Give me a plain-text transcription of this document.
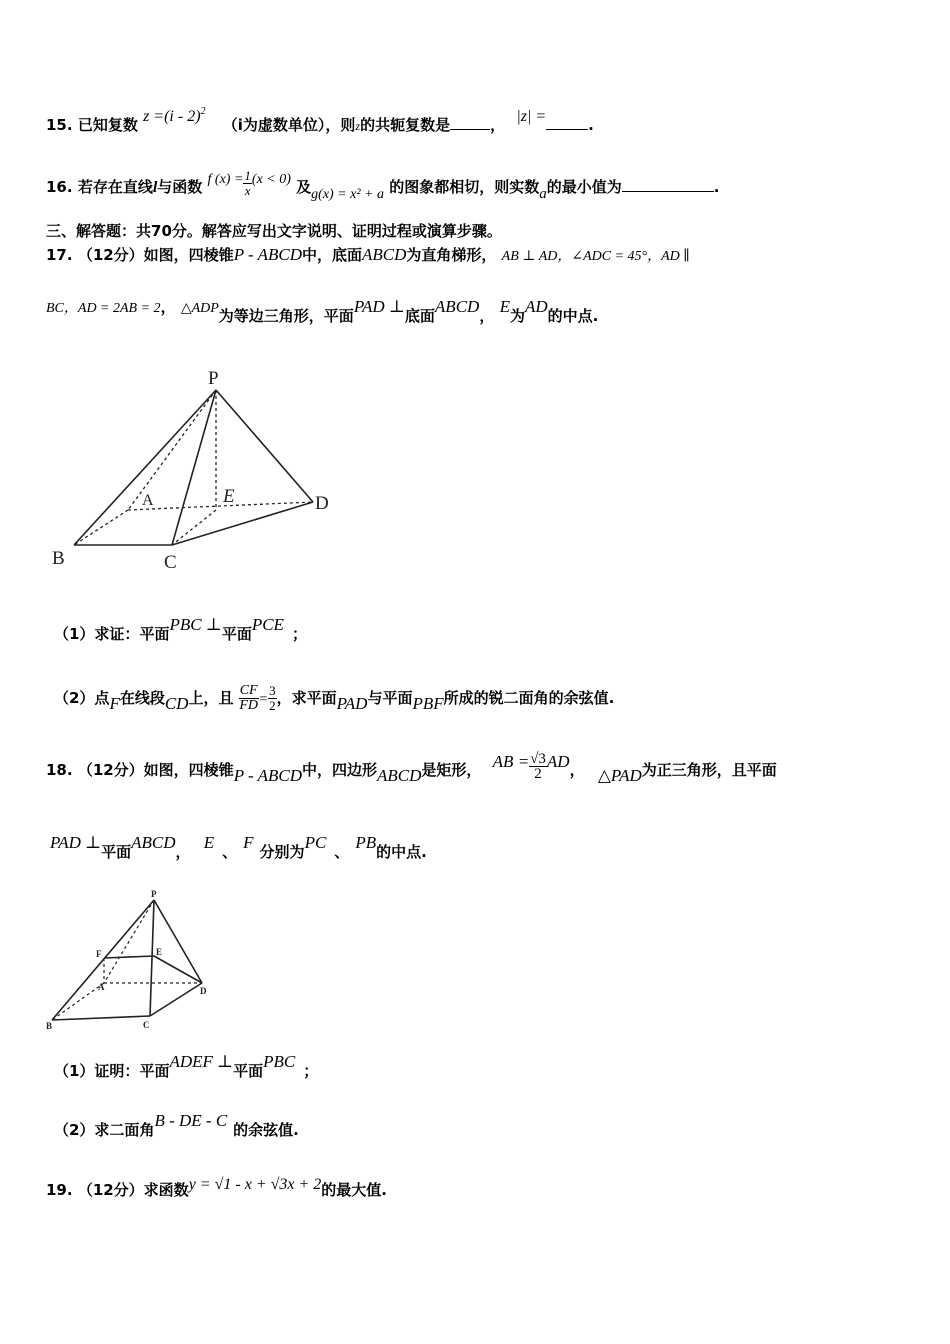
15. 已知复数 z =(i - 2)2 （i为虚数单位），则z的共轭复数是	， |z| =	.
16. 若存在直线l与函数 f $(x) = \frac{1}{x} (x < 0)$ 及g(x) = x² + a 的图象都相切，则实数a的最小值为	.
三、解答题：共70分。解答应写出文字说明、证明过程或演算步骤。
17. （12分）如图，四棱锥P - ABCD中，底面ABCD为直角梯形， AB ⊥ AD，∠ADC = 45°，AD ∥
BC，AD = 2AB = 2， △ADP为等边三角形，平面PAD ⊥底面ABCD， E为AD的中点.
P
A	E	D
B	C
（1）求证：平面PBC ⊥平面PCE ；
（2）点F在线段CD上，且 $\frac{CF}{FD} = \frac{3}{2}$ ，求平面PAD与平面PBF所成的锐二面角的余弦值.
18. （12分）如图，四棱锥P - ABCD中，四边形ABCD是矩形， AB = $\frac{√3}{2}$ AD， △PAD为正三角形，且平面
PAD ⊥平面ABCD， E 、 F 分别为PC 、 PB的中点.
P
F	E
A	D
B	C
（1）证明：平面ADEF ⊥平面PBC ；
（2）求二面角B - DE - C 的余弦值.
19. （12分）求函数y = √1 - x + √3x + 2的最大值.
